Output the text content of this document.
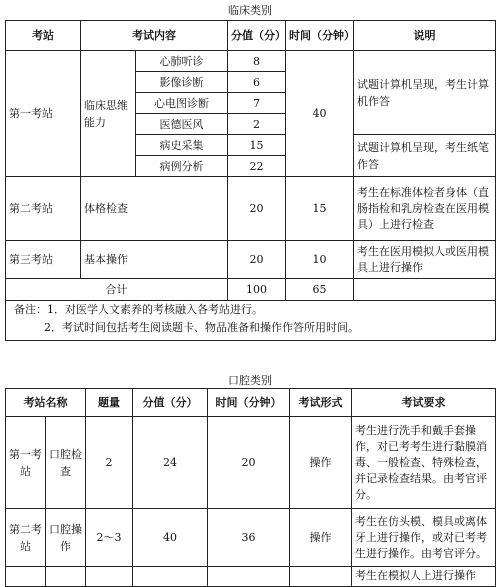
临床类别
考站	考试内容		分值（分）	时间（分钟）	说明
第一考站	临床思维能力	心肺听诊	8	40	试题计算机呈现，考生计算机作答
		影像诊断	6		
		心电图诊断	7		
		医德医风	2		
		病史采集	15		试题计算机呈现，考生纸笔作答
		病例分析	22		
第二考站	体格检查		20	15	考生在标准体检者身体（直肠指检和乳房检查在医用模具）上进行检查
第三考站	基本操作		20	10	考生在医用模拟人或医用模具上进行操作
合计			100	65	

备注：1．对医学人文素养的考核融入各考站进行。
2．考试时间包括考生阅读题卡、物品准备和操作作答所用时间。					
口腔类别
考站名称		题量	分值（分）	时间（分钟）	考试形式	考试要求
第一考站	口腔检查	2	24	20	操作	考生进行洗手和戴手套操作，对已考考生进行黏膜消毒、一般检查、特殊检查，并记录检查结果。由考官评分。
第二考站	口腔操作	2～3	40	36	操作	考生在仿头模、模具或离体牙上进行操作，或对已考考生进行操作。由考官评分。
						考生在模拟人上进行操作
